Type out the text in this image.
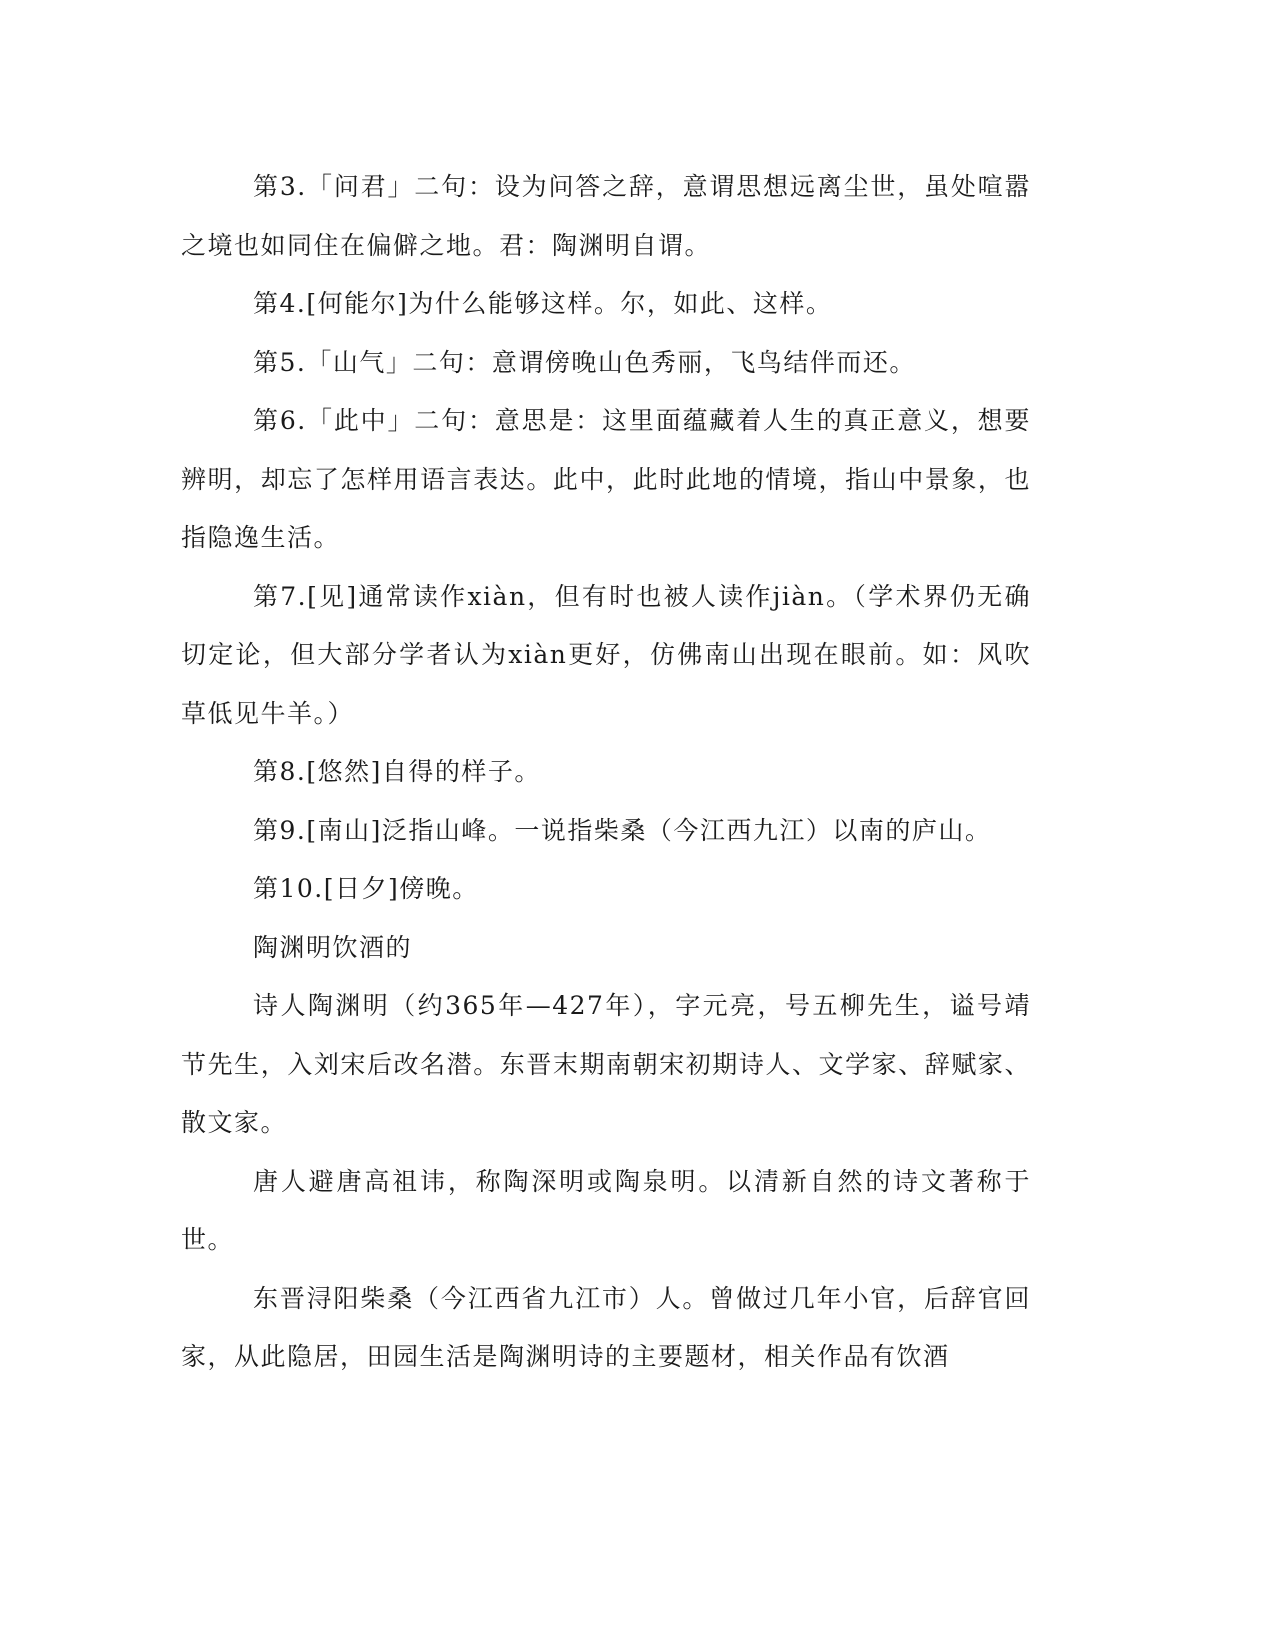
第3.「问君」二句：设为问答之辞，意谓思想远离尘世，虽处喧嚣之境也如同住在偏僻之地。君：陶渊明自谓。

第4.[何能尔]为什么能够这样。尔，如此、这样。

第5.「山气」二句：意谓傍晚山色秀丽，飞鸟结伴而还。

第6.「此中」二句：意思是：这里面蕴藏着人生的真正意义，想要辨明，却忘了怎样用语言表达。此中，此时此地的情境，指山中景象，也指隐逸生活。

第7.[见]通常读作xiàn，但有时也被人读作jiàn。（学术界仍无确切定论，但大部分学者认为xiàn更好，仿佛南山出现在眼前。如：风吹草低见牛羊。）

第8.[悠然]自得的样子。

第9.[南山]泛指山峰。一说指柴桑（今江西九江）以南的庐山。

第10.[日夕]傍晚。

陶渊明饮酒的

诗人陶渊明（约365年—427年），字元亮，号五柳先生，谥号靖节先生，入刘宋后改名潜。东晋末期南朝宋初期诗人、文学家、辞赋家、散文家。

唐人避唐高祖讳，称陶深明或陶泉明。以清新自然的诗文著称于世。

东晋浔阳柴桑（今江西省九江市）人。曾做过几年小官，后辞官回家，从此隐居，田园生活是陶渊明诗的主要题材，相关作品有饮酒
